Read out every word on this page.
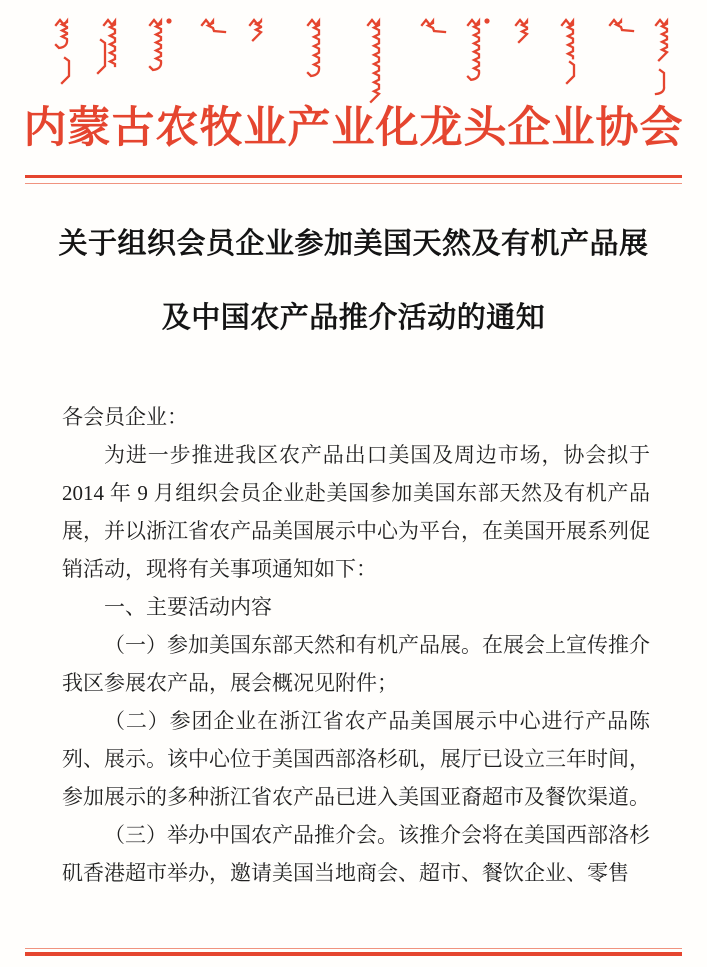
内蒙古农牧业产业化龙头企业协会
关于组织会员企业参加美国天然及有机产品展
及中国农产品推介活动的通知

各会员企业：

为进一步推进我区农产品出口美国及周边市场，协会拟于 2014 年 9 月组织会员企业赴美国参加美国东部天然及有机产品展，并以浙江省农产品美国展示中心为平台，在美国开展系列促销活动，现将有关事项通知如下：

一、主要活动内容

（一）参加美国东部天然和有机产品展。在展会上宣传推介我区参展农产品，展会概况见附件；

（二）参团企业在浙江省农产品美国展示中心进行产品陈列、展示。该中心位于美国西部洛杉矶，展厅已设立三年时间，参加展示的多种浙江省农产品已进入美国亚裔超市及餐饮渠道。

（三）举办中国农产品推介会。该推介会将在美国西部洛杉矶香港超市举办，邀请美国当地商会、超市、餐饮企业、零售
